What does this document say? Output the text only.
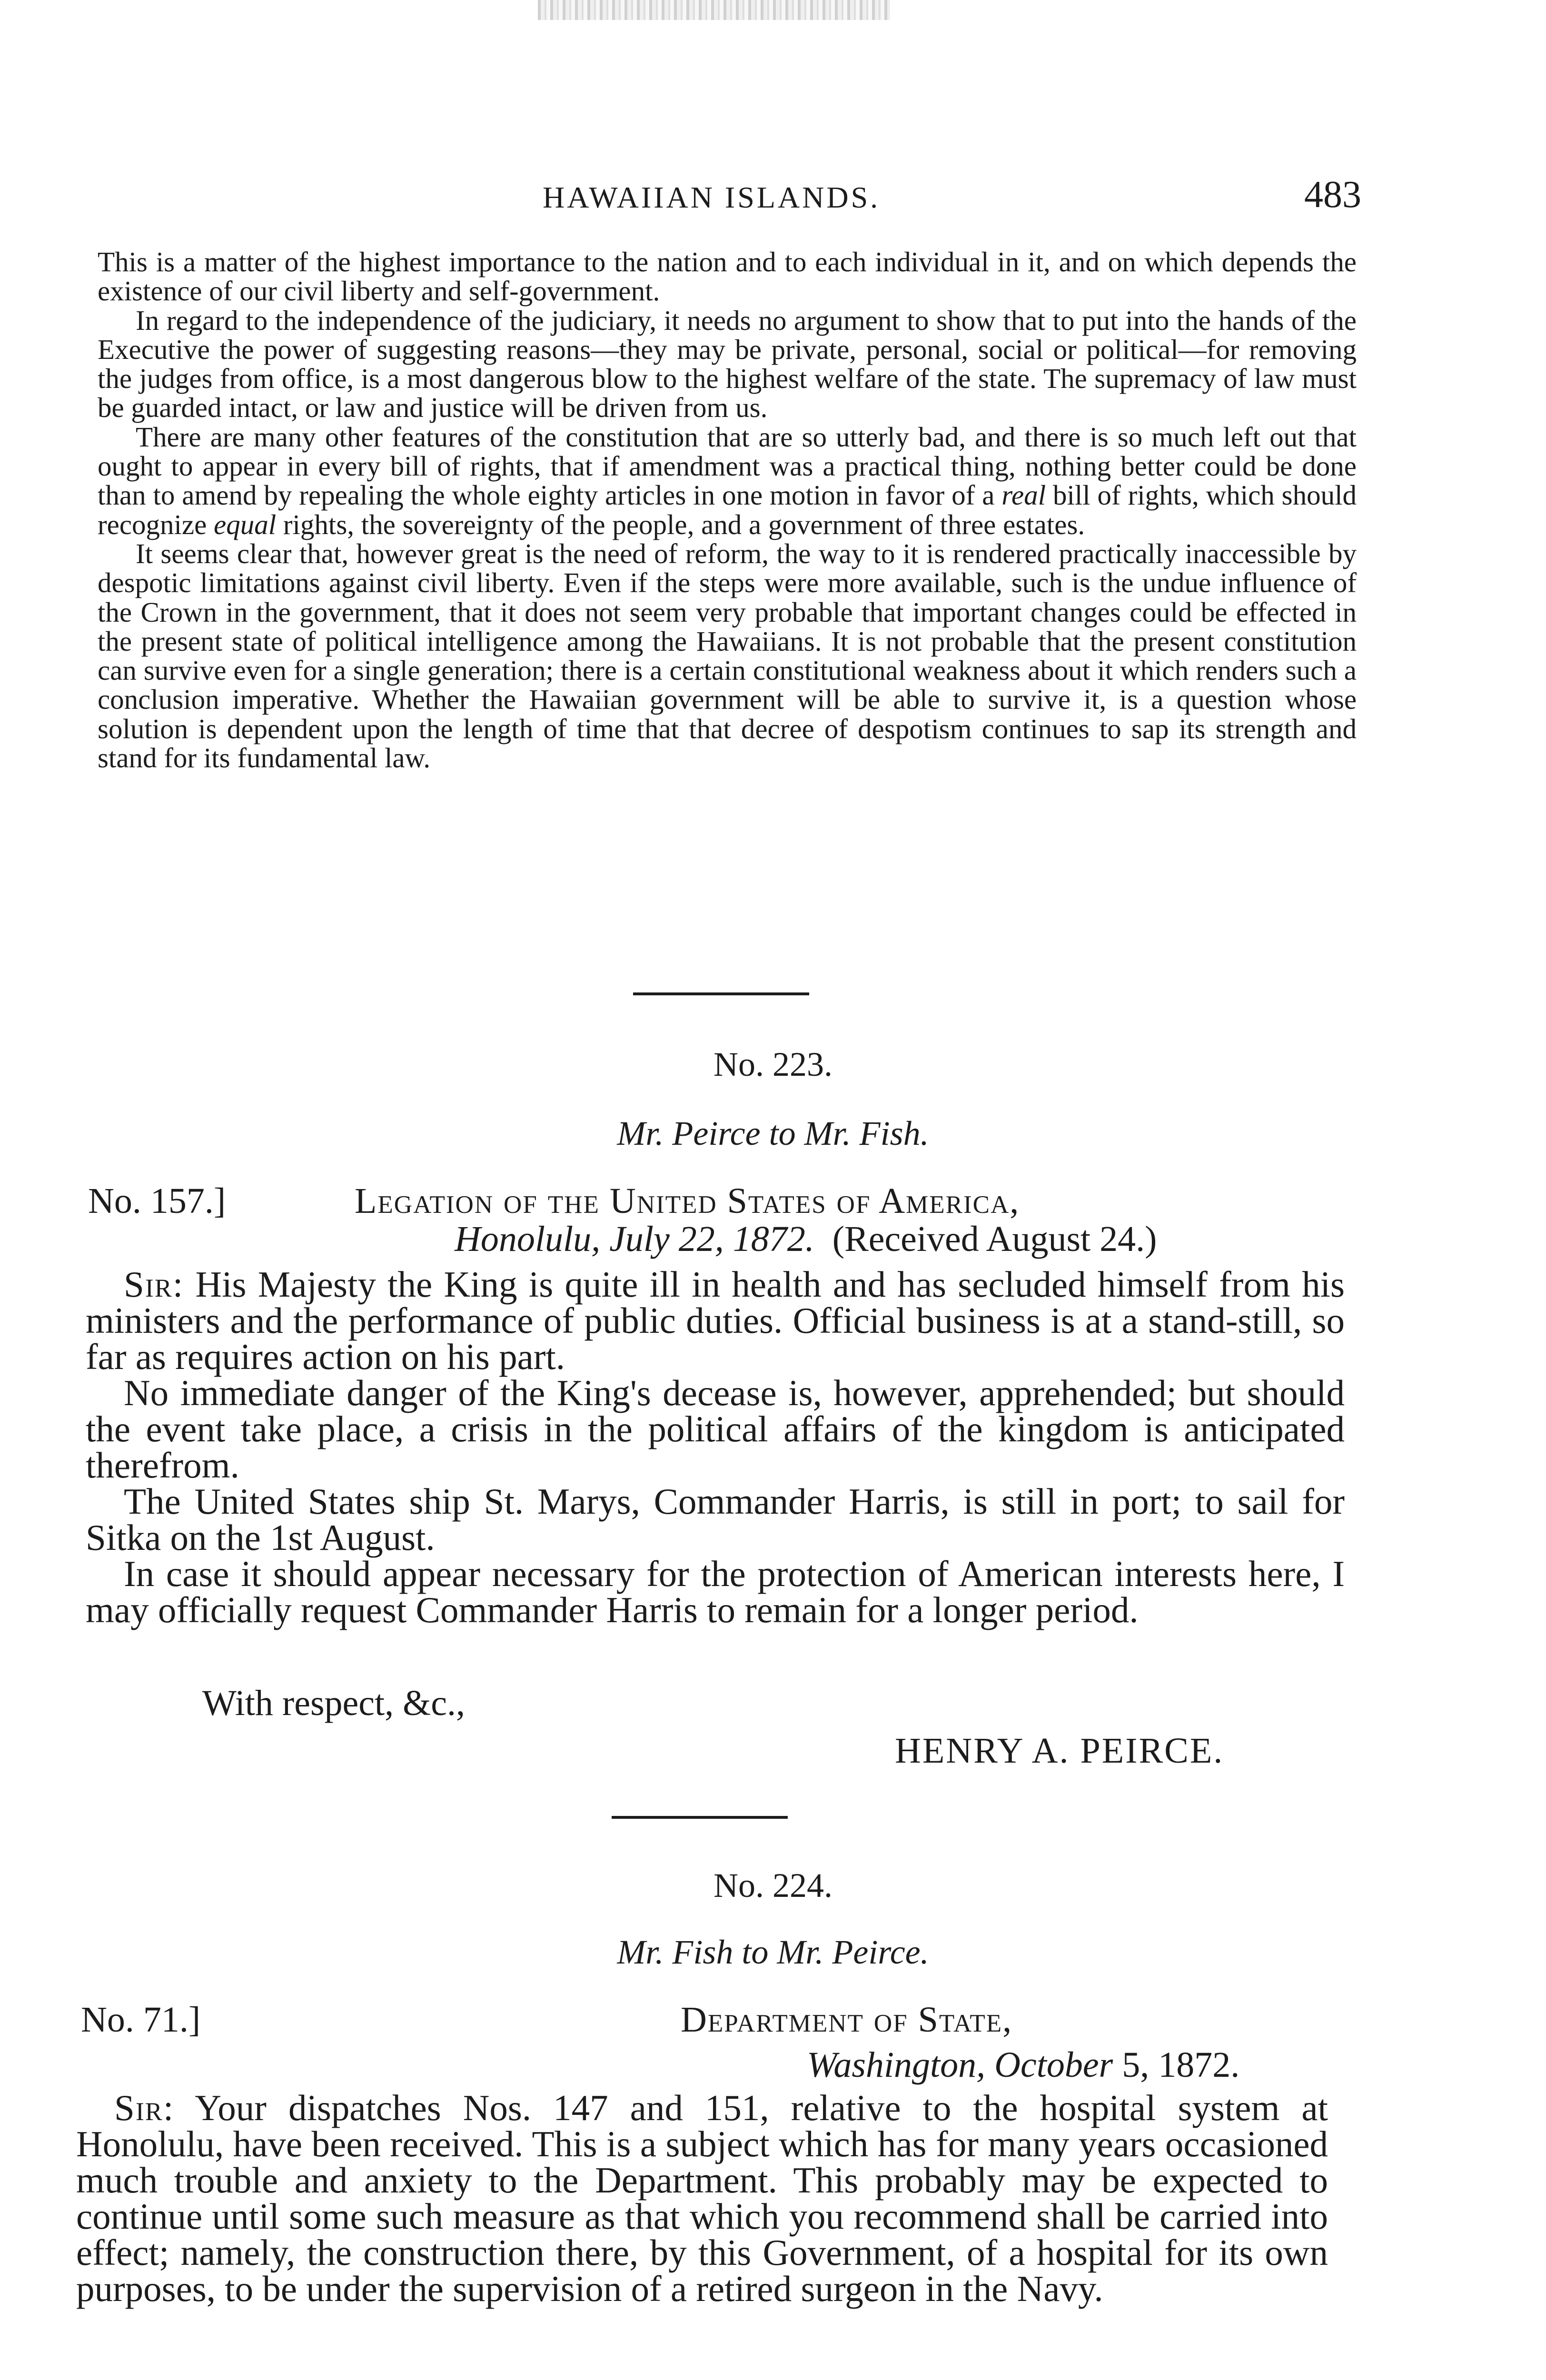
HAWAIIAN ISLANDS.	483

This is a matter of the highest importance to the nation and to each individual in it, and on which depends the existence of our civil liberty and self-government.

In regard to the independence of the judiciary, it needs no argument to show that to put into the hands of the Executive the power of suggesting reasons—they may be private, personal, social or political—for removing the judges from office, is a most dangerous blow to the highest welfare of the state. The supremacy of law must be guarded intact, or law and justice will be driven from us.

There are many other features of the constitution that are so utterly bad, and there is so much left out that ought to appear in every bill of rights, that if amendment was a practical thing, nothing better could be done than to amend by repealing the whole eighty articles in one motion in favor of a real bill of rights, which should recognize equal rights, the sovereignty of the people, and a government of three estates.

It seems clear that, however great is the need of reform, the way to it is rendered practically inaccessible by despotic limitations against civil liberty. Even if the steps were more available, such is the undue influence of the Crown in the government, that it does not seem very probable that important changes could be effected in the present state of political intelligence among the Hawaiians. It is not probable that the present constitution can survive even for a single generation; there is a certain constitutional weakness about it which renders such a conclusion imperative. Whether the Hawaiian government will be able to survive it, is a question whose solution is dependent upon the length of time that that decree of despotism continues to sap its strength and stand for its fundamental law.

No. 223.
Mr. Peirce to Mr. Fish.
No. 157.]	Legation of the United States of America,
Honolulu, July 22, 1872. (Received August 24.)

Sir: His Majesty the King is quite ill in health and has secluded himself from his ministers and the performance of public duties. Official business is at a stand-still, so far as requires action on his part.

No immediate danger of the King's decease is, however, apprehended; but should the event take place, a crisis in the political affairs of the kingdom is anticipated therefrom.

The United States ship St. Marys, Commander Harris, is still in port; to sail for Sitka on the 1st August.

In case it should appear necessary for the protection of American interests here, I may officially request Commander Harris to remain for a longer period.

With respect, &c.,
HENRY A. PEIRCE.
No. 224.
Mr. Fish to Mr. Peirce.
No. 71.]	Department of State,
Washington, October 5, 1872.

Sir: Your dispatches Nos. 147 and 151, relative to the hospital system at Honolulu, have been received. This is a subject which has for many years occasioned much trouble and anxiety to the Department. This probably may be expected to continue until some such measure as that which you recommend shall be carried into effect; namely, the construction there, by this Government, of a hospital for its own purposes, to be under the supervision of a retired surgeon in the Navy.
